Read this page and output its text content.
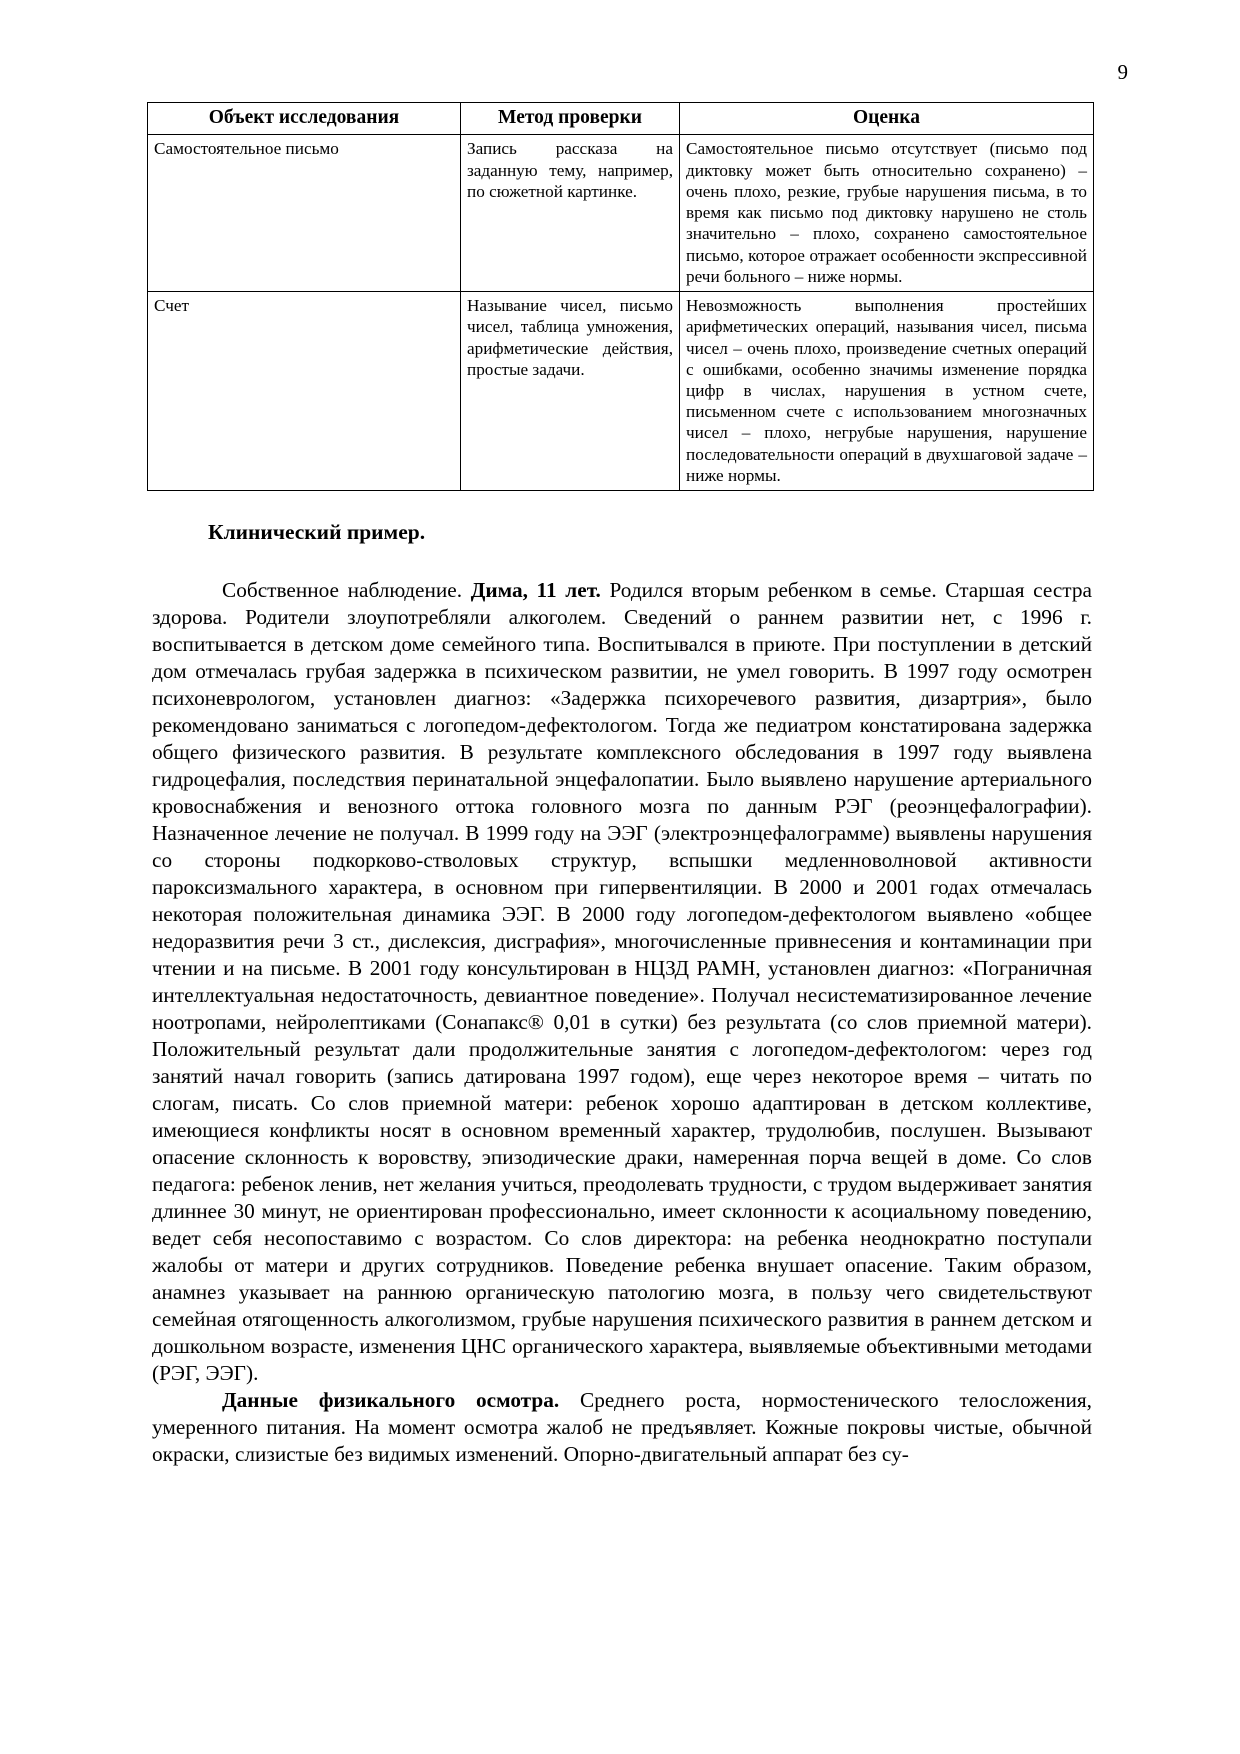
9
Объект исследования	Метод проверки	Оценка
Самостоятельное письмо	Запись рассказа на заданную тему, например, по сюжетной картинке.	Самостоятельное письмо отсутствует (письмо под диктовку может быть относительно сохранено) – очень плохо, резкие, грубые нарушения письма, в то время как письмо под диктовку нарушено не столь значительно – плохо, сохранено самостоятельное письмо, которое отражает особенности экспрессивной речи больного – ниже нормы.
Счет	Называние чисел, письмо чисел, таблица умножения, арифметические действия, простые задачи.	Невозможность выполнения простейших арифметических операций, называния чисел, письма чисел – очень плохо, произведение счетных операций с ошибками, особенно значимы изменение порядка цифр в числах, нарушения в устном счете, письменном счете с использованием многозначных чисел – плохо, негрубые нарушения, нарушение последовательности операций в двухшаговой задаче – ниже нормы.
Клинический пример.

Собственное наблюдение. Дима, 11 лет. Родился вторым ребенком в семье. Старшая сестра здорова. Родители злоупотребляли алкоголем. Сведений о раннем развитии нет, с 1996 г. воспитывается в детском доме семейного типа. Воспитывался в приюте. При поступлении в детский дом отмечалась грубая задержка в психическом развитии, не умел говорить. В 1997 году осмотрен психоневрологом, установлен диагноз: «Задержка психоречевого развития, дизартрия», было рекомендовано заниматься с логопедом-дефектологом. Тогда же педиатром констатирована задержка общего физического развития. В результате комплексного обследования в 1997 году выявлена гидроцефалия, последствия перинатальной энцефалопатии. Было выявлено нарушение артериального кровоснабжения и венозного оттока головного мозга по данным РЭГ (реоэнцефалографии). Назначенное лечение не получал. В 1999 году на ЭЭГ (электроэнцефалограмме) выявлены нарушения со стороны подкорково-стволовых структур, вспышки медленноволновой активности пароксизмального характера, в основном при гипервентиляции. В 2000 и 2001 годах отмечалась некоторая положительная динамика ЭЭГ. В 2000 году логопедом-дефектологом выявлено «общее недоразвития речи 3 ст., дислексия, дисграфия», многочисленные привнесения и контаминации при чтении и на письме. В 2001 году консультирован в НЦЗД РАМН, установлен диагноз: «Пограничная интеллектуальная недостаточность, девиантное поведение». Получал несистематизированное лечение ноотропами, нейролептиками (Сонапакс® 0,01 в сутки) без результата (со слов приемной матери). Положительный результат дали продолжительные занятия с логопедом-дефектологом: через год занятий начал говорить (запись датирована 1997 годом), еще через некоторое время – читать по слогам, писать. Со слов приемной матери: ребенок хорошо адаптирован в детском коллективе, имеющиеся конфликты носят в основном временный характер, трудолюбив, послушен. Вызывают опасение склонность к воровству, эпизодические драки, намеренная порча вещей в доме. Со слов педагога: ребенок ленив, нет желания учиться, преодолевать трудности, с трудом выдерживает занятия длиннее 30 минут, не ориентирован профессионально, имеет склонности к асоциальному поведению, ведет себя несопоставимо с возрастом. Со слов директора: на ребенка неоднократно поступали жалобы от матери и других сотрудников. Поведение ребенка внушает опасение. Таким образом, анамнез указывает на раннюю органическую патологию мозга, в пользу чего свидетельствуют семейная отягощенность алкоголизмом, грубые нарушения психического развития в раннем детском и дошкольном возрасте, изменения ЦНС органического характера, выявляемые объективными методами (РЭГ, ЭЭГ).

Данные физикального осмотра. Среднего роста, нормостенического телосложения, умеренного питания. На момент осмотра жалоб не предъявляет. Кожные покровы чистые, обычной окраски, слизистые без видимых изменений. Опорно-двигательный аппарат без су-
